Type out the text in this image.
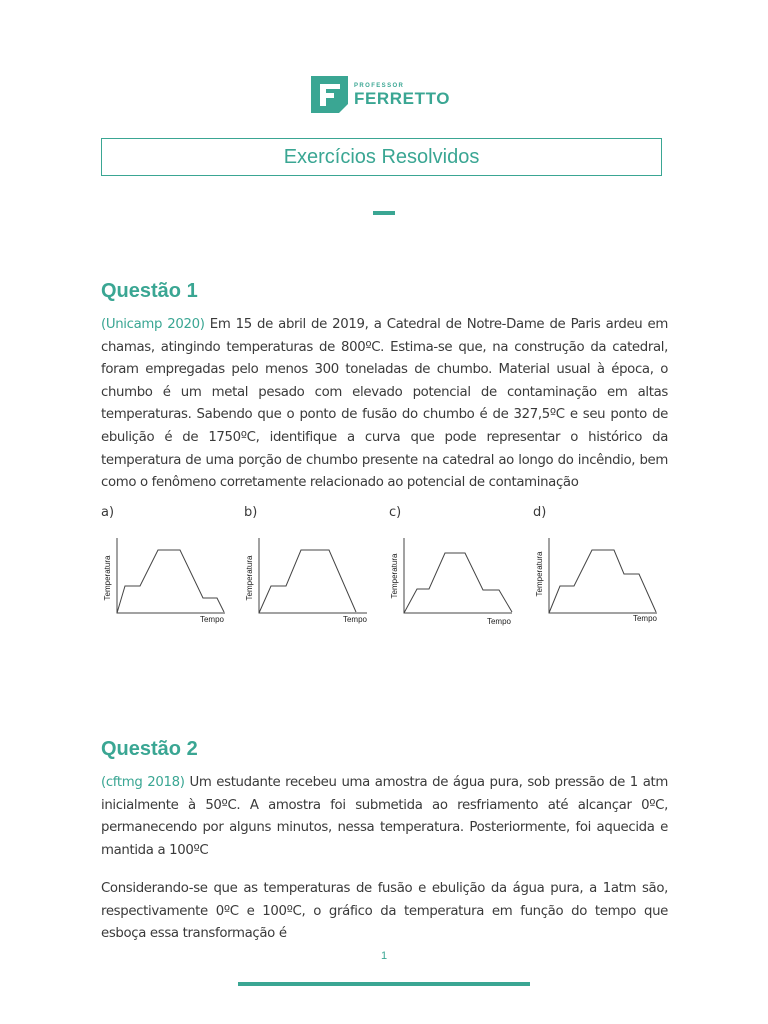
PROFESSOR
FERRETTO
Exercícios Resolvidos
Questão 1

(Unicamp 2020) Em 15 de abril de 2019, a Catedral de Notre-Dame de Paris ardeu em chamas, atingindo temperaturas de 800ºC. Estima-se que, na construção da catedral, foram empregadas pelo menos 300 toneladas de chumbo. Material usual à época, o chumbo é um metal pesado com elevado potencial de contaminação em altas temperaturas. Sabendo que o ponto de fusão do chumbo é de 327,5ºC e seu ponto de ebulição é de 1750ºC, identifique a curva que pode representar o histórico da temperatura de uma porção de chumbo presente na catedral ao longo do incêndio, bem como o fenômeno corretamente relacionado ao potencial de contaminação

a)	b)	c)	d)
Temperatura
Tempo
Temperatura
Tempo
Temperatura
Tempo
Temperatura
Tempo
Questão 2

(cftmg 2018) Um estudante recebeu uma amostra de água pura, sob pressão de 1 atm inicialmente à 50ºC. A amostra foi submetida ao resfriamento até alcançar 0ºC, permanecendo por alguns minutos, nessa temperatura. Posteriormente, foi aquecida e mantida a 100ºC

Considerando-se que as temperaturas de fusão e ebulição da água pura, a 1atm são, respectivamente 0ºC e 100ºC, o gráfico da temperatura em função do tempo que esboça essa transformação é

1
